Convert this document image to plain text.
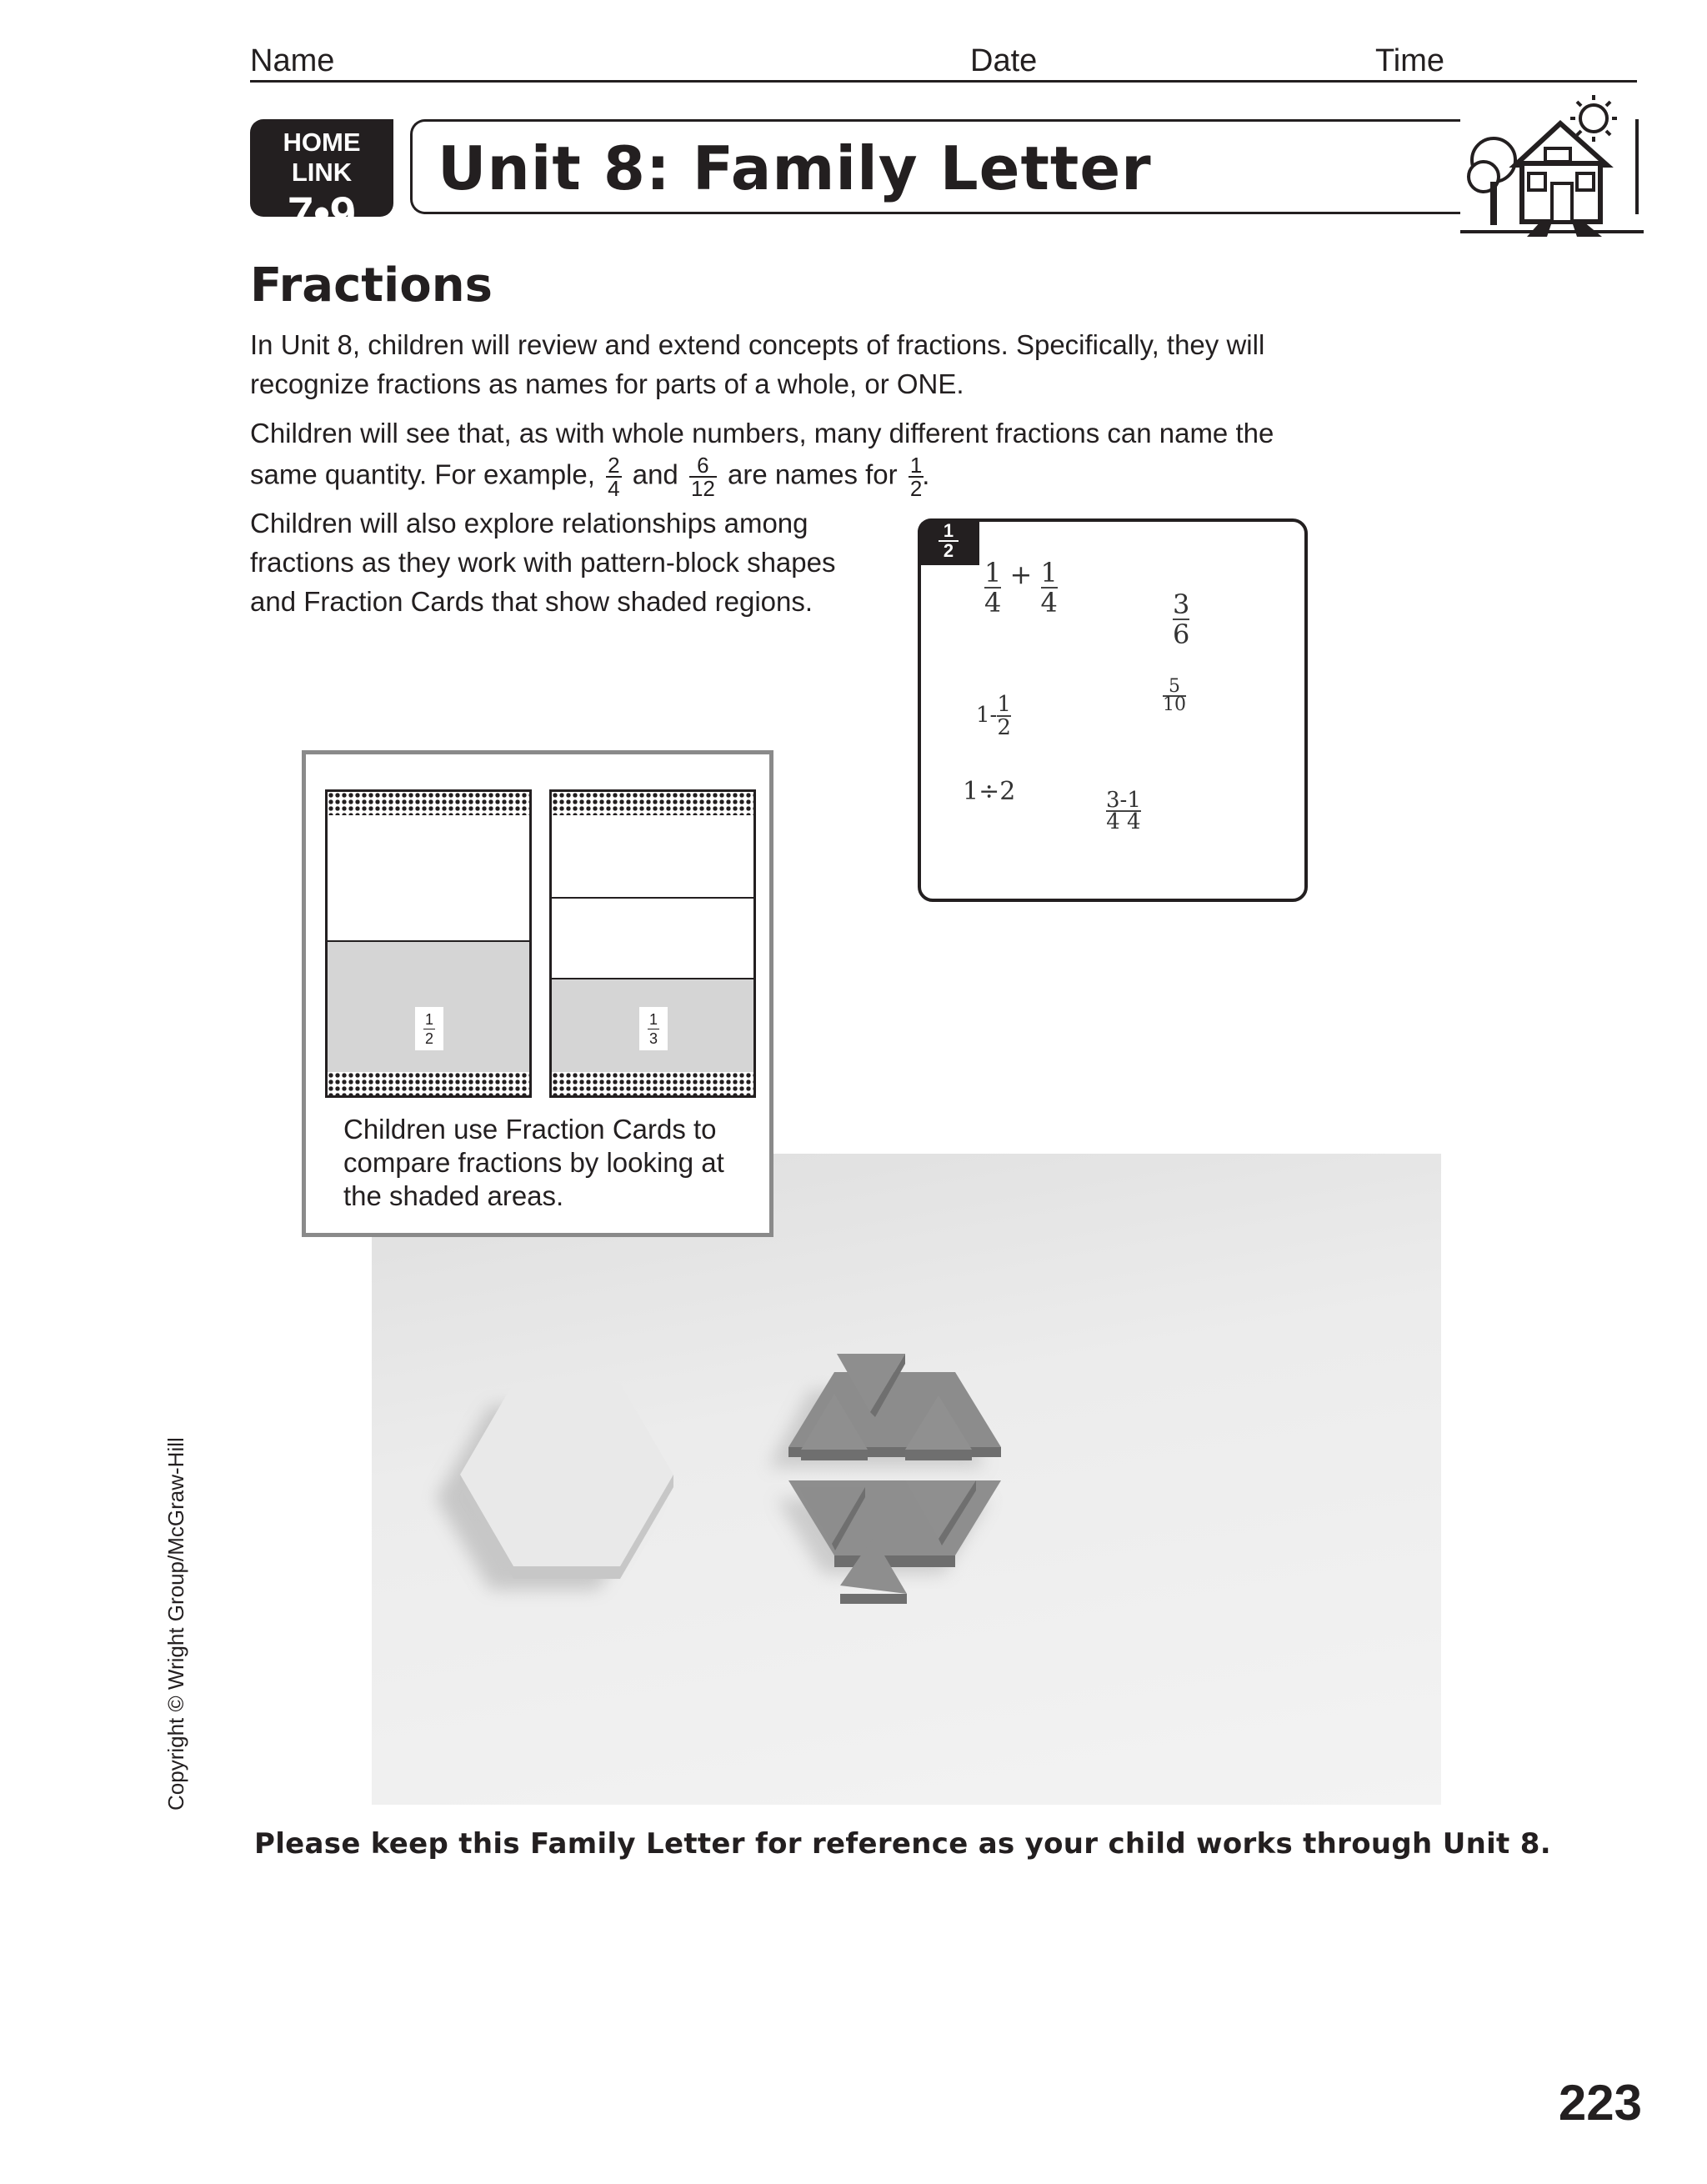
Name	Date	Time
HOME LINK
7•9
Unit 8: Family Letter
Fractions
In Unit 8, children will review and extend concepts of fractions. Specifically, they will recognize fractions as names for parts of a whole, or ONE.
Children will see that, as with whole numbers, many different fractions can name the
same quantity. For example, $\frac{2}{4}$ and $\frac{6}{12}$ are names for $\frac{1}{2}$
.
Children will also explore relationships among fractions as they work with pattern-block shapes and Fraction Cards that show shaded regions.
1
2
$\frac{1}{4} + \frac{1}{4}$
$\frac{3}{6}$
$1- \frac{1}{2}$	$\frac{5}{10}$
1÷2	$\frac{3-1}{4 4}$
1
2
1
3
Children use Fraction Cards to compare fractions by looking at the shaded areas.
Please keep this Family Letter for reference as your child works through Unit 8.
Copyright © Wright Group/McGraw-Hill
223
